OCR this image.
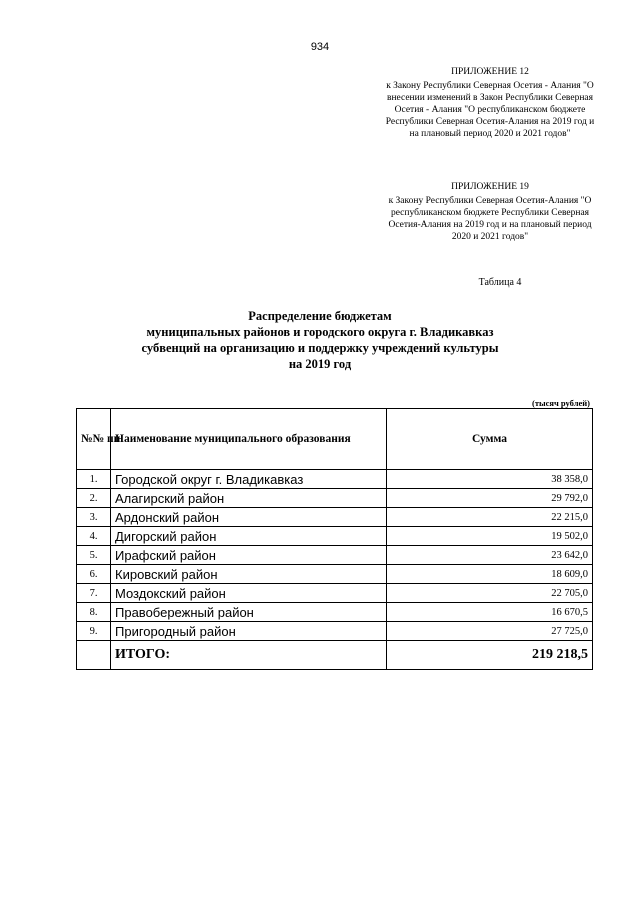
934
ПРИЛОЖЕНИЕ 12
к Закону Республики Северная Осетия - Алания "О внесении изменений в Закон Республики Северная Осетия - Алания "О республиканском бюджете Республики Северная Осетия-Алания на 2019 год и на плановый период 2020 и 2021 годов"
ПРИЛОЖЕНИЕ 19
к Закону Республики Северная Осетия-Алания "О республиканском бюджете Республики Северная Осетия-Алания на 2019 год и на плановый период 2020 и 2021 годов"
Таблица 4
Распределение бюджетам
муниципальных районов и городского округа г. Владикавказ
субвенций на организацию и поддержку учреждений культуры
на 2019 год
(тысяч рублей)
№№ пп	Наименование муниципального образования	Сумма
1.	Городской округ г. Владикавказ	38 358,0
2.	Алагирский район	29 792,0
3.	Ардонский район	22 215,0
4.	Дигорский район	19 502,0
5.	Ирафский район	23 642,0
6.	Кировский район	18 609,0
7.	Моздокский район	22 705,0
8.	Правобережный район	16 670,5
9.	Пригородный район	27 725,0
	ИТОГО:	219 218,5
